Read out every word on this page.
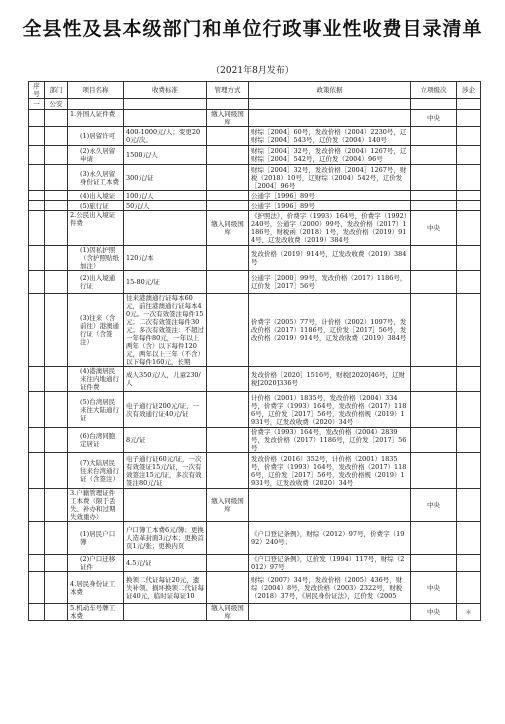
全县性及县本级部门和单位行政事业性收费目录清单
（2021年8月发布）
序号	部门	项目名称	收费标准	管理方式	政策依据	立项级次	涉企
一	公安						
		1.外国人证件费		缴入同级国库		中央	
		(1)居留许可	400-1000元/人；变更200元/次。		财综［2004］60号，发改价格（2004）2230号，辽财综［2004］543号，辽价发（2004）140号		
		(2)永久居留申请	1500元/人		财综［2004］32号，发改价格（2004）1267号，辽财综［2004］542号，辽价发（2004）96号		
		(3)永久居留身份证工本费	300元/证		财综［2004］32号，发改价格［2004］1267号，财税（2018）10号，辽财综（2004）542号，辽价发［2004］96号		
		(4)出入境证	100元/人		公通字［1996］89号		
		(5)旅行证	50元/人		公通字［1996］89号		
		2.公民出入境证件费		缴入同级国库	《护照法》，价费字（1993）164号，价费字（1992）240号，公通字（2000）99号，发改价格（2017）1186号，财税函（2018）1号，发改价格（2019）914号，辽发改收费（2019）384号	中央	
		(1)因私护照（含护照贴纸加注）	120元/本		发改价格（2019）914号，辽发改收费（2019）384号		
		(2)出入境通行证	15-80元/证		公通字［2000］99号，发改价格（2017）1186号，辽价发［2017］56号		
		(3)往来（含前往）港澳通行证（含签注）	往来港澳通行证每本60元，前往港澳通行证每本40元。一次有效签注每件15元；二次有效签注每件30元；多次有效签注：不超过一年每件80元，一年以上两年（含）以下每件120元，两年以上三年（不含）以下每件160元，长期		价费字（2005）77号，计价格（2002）1097号，发改价格（2017）1186号，辽价发［2017］56号，发改价格（2019）914号，辽发改收费（2019）384号		
		(4)港澳居民来往内地通行证件费	成人350元/人，儿童230/人		发改价格［2020］1516号，财税[2020]46号，辽财税[2020]336号		
		(5)台湾居民来往大陆通行证	电子通行证200元/证，一次有效通行证40元/证		计价格（2001）1835号，发改价格（2004）334号，价费字（1993）164号，发改价格（2017）1186号，辽价发［2017］56号，发改价格规（2019）1931号，辽发改收费（2020）34号		
		(6)台湾同胞定居证	8元/证		价费字（1993）164号，发改价格（2004）2839号，发改价格（2017）1186号，辽价发［2017］56号		
		(7)大陆居民往来台湾通行证（含签注）	电子通行证60元/证，一次有效签证15元/证，一次有效签注15元/证，多次有效签注80元/证		发改价格（2016）352号，计价格（2001）1835号，价费字（1993）164号，发改价格（2017）1186号，辽价发［2017］56号，发改价格规（2019）1931号，辽发改收费（2020）34号		
		3.户籍管理证件工本费（限于丢失、补办和过期失效重办）		缴入同级国库		中央	
		(1)居民户口簿	户口簿工本费6元/簿；更换人造革封面3元/本；更换首页1元/张；更换内页		《户口登记条例》，财综（2012）97号，价费字（1992）240号；		
		(2)户口迁移证件	4.5元/证		《户口登记条例》，辽价发（1994）117号，财综（2012）97号		
		4.居民身份证工本费	换领二代证每证20元，遗失补领、损坏换领二代证每证40元，临时证每证10		财综（2007）34号，发改价格（2005）436号，财综（2004）8号，发改价格（2003）2322号，财税（2018）37号，《居民身份证法》，辽价发（2005	中央	
		5.机动车号牌工本费		缴入同级国库		中央	＊
